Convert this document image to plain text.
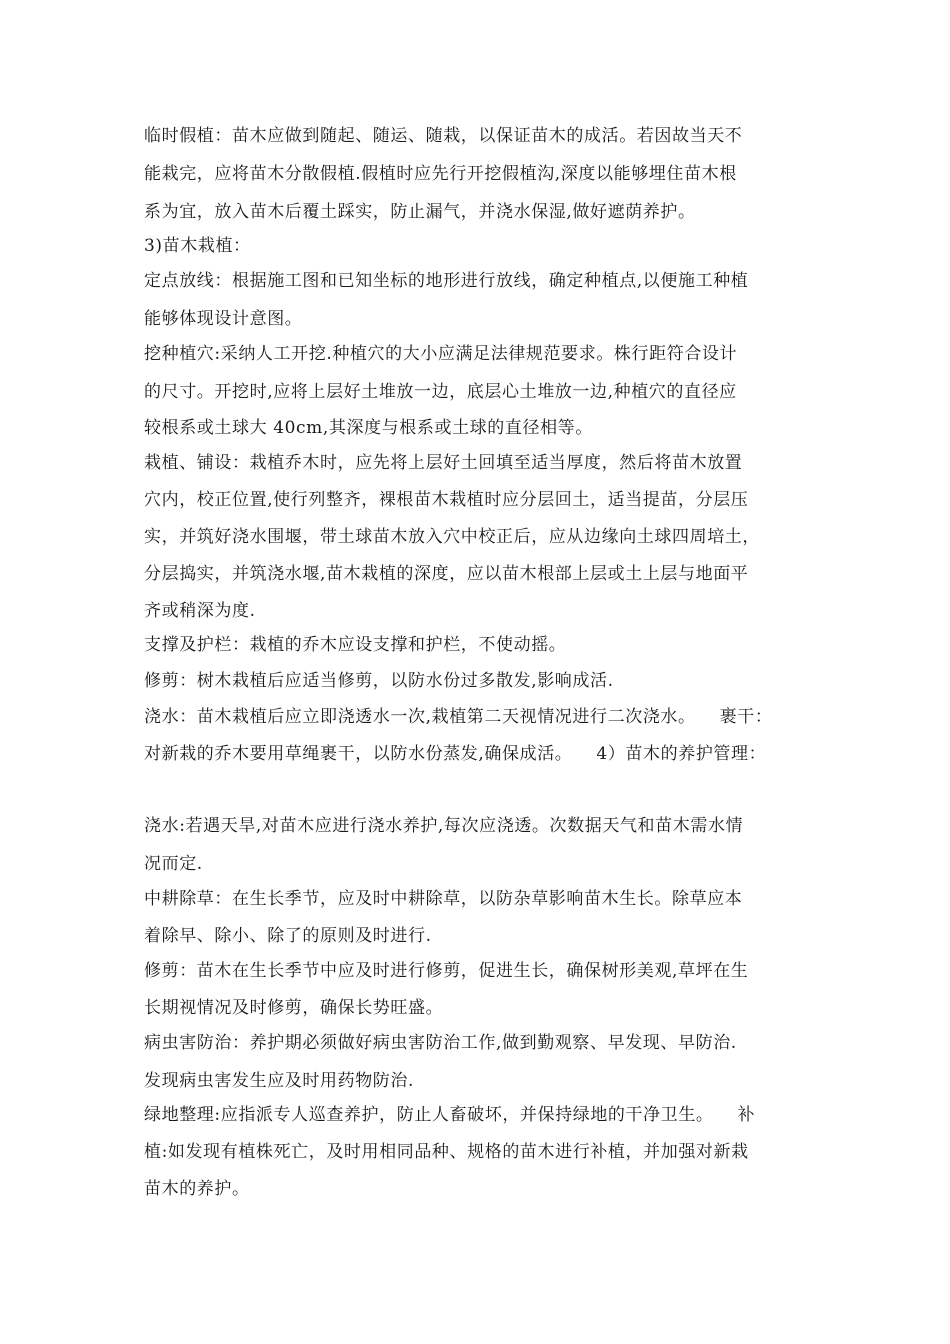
临时假植：苗木应做到随起、随运、随栽，以保证苗木的成活。若因故当天不
能栽完，应将苗木分散假植.假植时应先行开挖假植沟,深度以能够埋住苗木根
系为宜，放入苗木后覆土踩实，防止漏气，并浇水保湿,做好遮荫养护。
3)苗木栽植：
定点放线：根据施工图和已知坐标的地形进行放线，确定种植点,以便施工种植
能够体现设计意图。
挖种植穴:采纳人工开挖.种植穴的大小应满足法律规范要求。株行距符合设计
的尺寸。开挖时,应将上层好土堆放一边，底层心土堆放一边,种植穴的直径应
较根系或土球大 40cm,其深度与根系或土球的直径相等。
栽植、铺设：栽植乔木时，应先将上层好土回填至适当厚度，然后将苗木放置
穴内，校正位置,使行列整齐，裸根苗木栽植时应分层回土，适当提苗，分层压
实，并筑好浇水围堰，带土球苗木放入穴中校正后，应从边缘向土球四周培土，
分层捣实，并筑浇水堰,苗木栽植的深度，应以苗木根部上层或土上层与地面平
齐或稍深为度.
支撑及护栏：栽植的乔木应设支撑和护栏，不使动摇。
修剪：树木栽植后应适当修剪，以防水份过多散发,影响成活.
浇水：苗木栽植后应立即浇透水一次,栽植第二天视情况进行二次浇水。    裹干：
对新栽的乔木要用草绳裹干，以防水份蒸发,确保成活。    4）苗木的养护管理：
浇水:若遇天旱,对苗木应进行浇水养护,每次应浇透。次数据天气和苗木需水情
况而定.
中耕除草：在生长季节，应及时中耕除草，以防杂草影响苗木生长。除草应本
着除早、除小、除了的原则及时进行.
修剪：苗木在生长季节中应及时进行修剪，促进生长，确保树形美观,草坪在生
长期视情况及时修剪，确保长势旺盛。
病虫害防治：养护期必须做好病虫害防治工作,做到勤观察、早发现、早防治.
发现病虫害发生应及时用药物防治.
绿地整理:应指派专人巡查养护，防止人畜破坏，并保持绿地的干净卫生。    补
植:如发现有植株死亡，及时用相同品种、规格的苗木进行补植，并加强对新栽
苗木的养护。
